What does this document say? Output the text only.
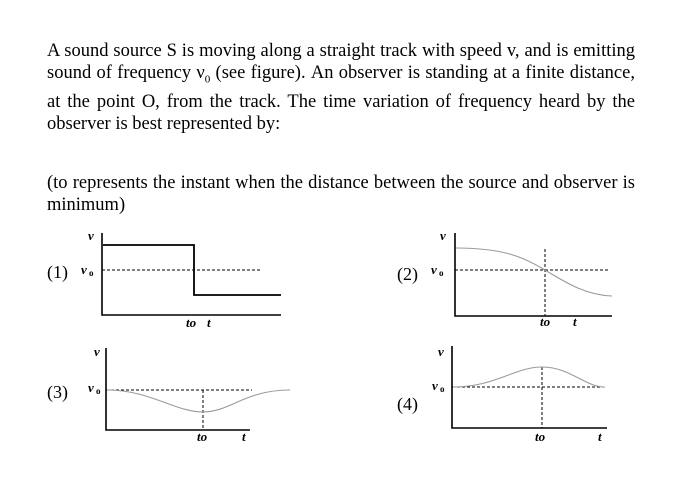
A sound source S is moving along a straight track with speed v, and is emitting sound of frequency $\nu_0$ (see figure). An observer is standing at a finite distance, at the point O, from the track. The time variation of frequency heard by the observer is best represented by:

(to represents the instant when the distance between the source and observer is minimum)
(1)
ν
ν o
to t
(2)
ν
ν o
to t
(3)
ν
ν o
to	t
(4)
ν
ν o
to	t
